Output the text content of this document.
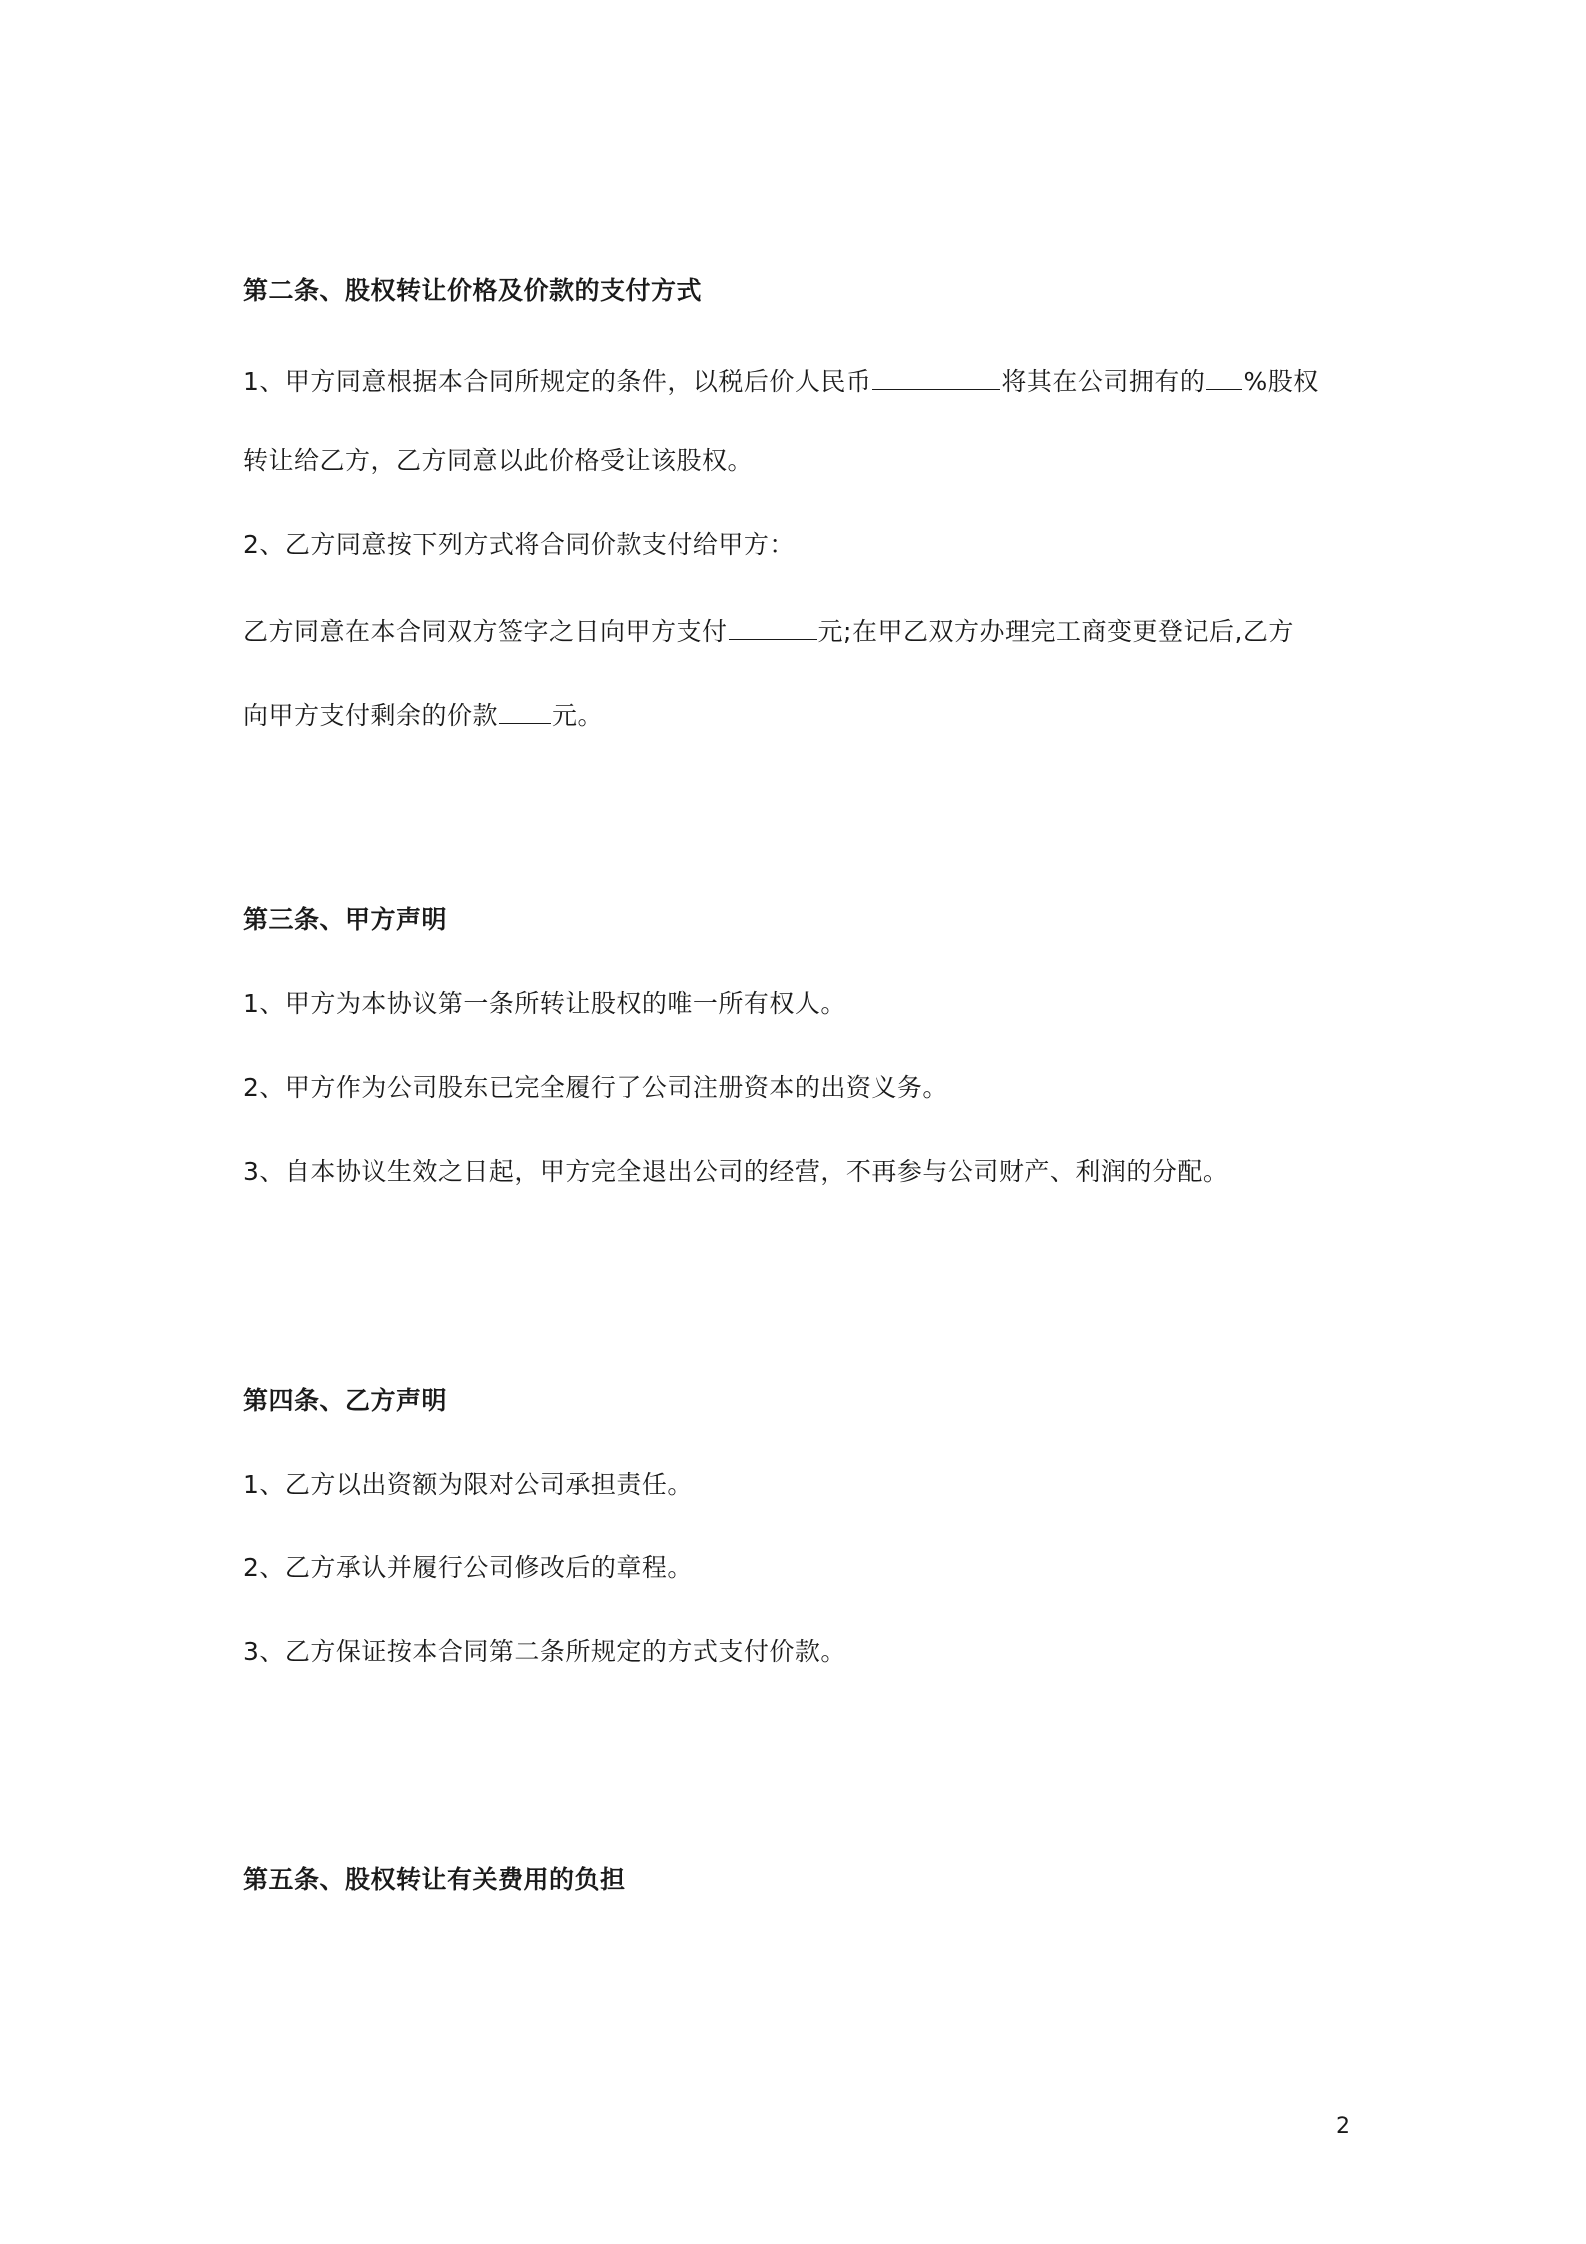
第二条、股权转让价格及价款的支付方式
1、甲方同意根据本合同所规定的条件，以税后价人民币	将其在公司拥有的 %股权
转让给乙方，乙方同意以此价格受让该股权。
2、乙方同意按下列方式将合同价款支付给甲方：
乙方同意在本合同双方签字之日向甲方支付	元;在甲乙双方办理完工商变更登记后,乙方
向甲方支付剩余的价款 元。
第三条、甲方声明
1、甲方为本协议第一条所转让股权的唯一所有权人。
2、甲方作为公司股东已完全履行了公司注册资本的出资义务。
3、自本协议生效之日起，甲方完全退出公司的经营，不再参与公司财产、利润的分配。
第四条、乙方声明
1、乙方以出资额为限对公司承担责任。
2、乙方承认并履行公司修改后的章程。
3、乙方保证按本合同第二条所规定的方式支付价款。
第五条、股权转让有关费用的负担
2
